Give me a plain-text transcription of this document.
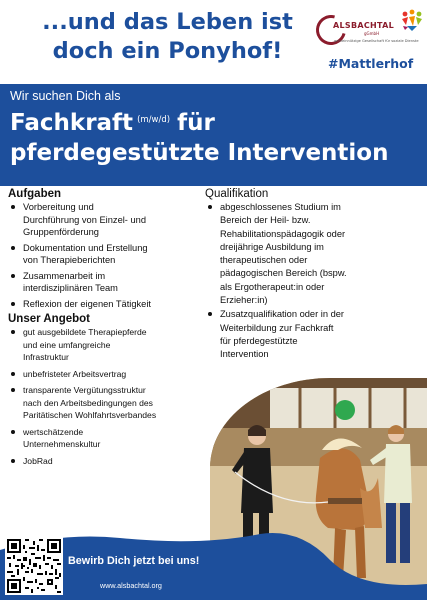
...und das Leben ist
doch ein Ponyhof!
ALSBACHTAL
gGmbH
gemeinnützige Gesellschaft für soziale Dienste
#Mattlerhof
Wir suchen Dich als
Fachkraft $^{(m/w/d)}$ für
pferdegestützte Intervention
Aufgaben
Vorbereitung und
Durchführung von Einzel- und
Gruppenförderung
Dokumentation und Erstellung
von Therapieberichten
Zusammenarbeit im
interdisziplinären Team
Reflexion der eigenen Tätigkeit
Unser Angebot
gut ausgebildete Therapiepferde
und eine umfangreiche
Infrastruktur
unbefristeter Arbeitsvertrag
transparente Vergütungsstruktur
nach den Arbeitsbedingungen des
Paritätischen Wohlfahrtsverbandes
wertschätzende
Unternehmenskultur
JobRad
Qualifikation
abgeschlossenes Studium im
Bereich der Heil- bzw.
Rehabilitationspädagogik oder
dreijährige Ausbildung im
therapeutischen oder
pädagogischen Bereich (bspw.
als Ergotherapeut:in oder
Erzieher:in)
Zusatzqualifikation oder in der
Weiterbildung zur Fachkraft
für pferdegestützte
Intervention
Bewirb Dich jetzt bei uns!
www.alsbachtal.org
